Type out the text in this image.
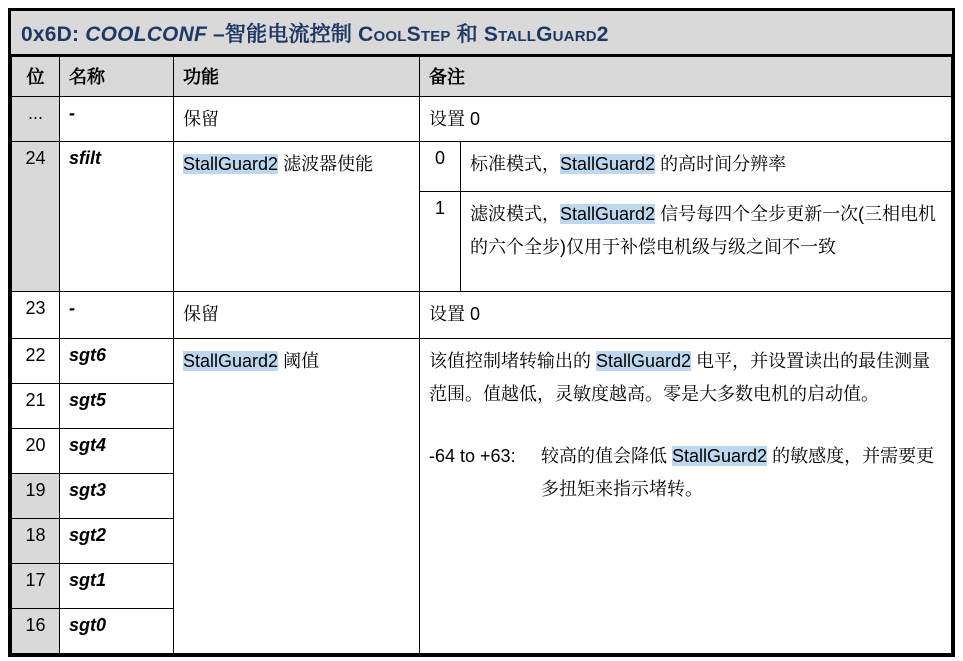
0x6D: COOLCONF –智能电流控制 CoolStep 和 StallGuard2
位	名称	功能	备注	
...	-	保留	设置 0	
24	sfilt	StallGuard2 滤波器使能	0	标准模式，StallGuard2 的高时间分辨率
			1	滤波模式，StallGuard2 信号每四个全步更新一次(三相电机的六个全步)仅用于补偿电机级与级之间不一致
23	-	保留	设置 0	
22	sgt6	StallGuard2 阈值	该值控制堵转输出的 StallGuard2 电平，并设置读出的最佳测量范围。值越低，灵敏度越高。零是大多数电机的启动值。

-64 to +63: 较高的值会降低 StallGuard2 的敏感度，并需要更多扭矩来指示堵转。	

21	sgt5			
20	sgt4			
19	sgt3			
18	sgt2			
17	sgt1			
16	sgt0			
